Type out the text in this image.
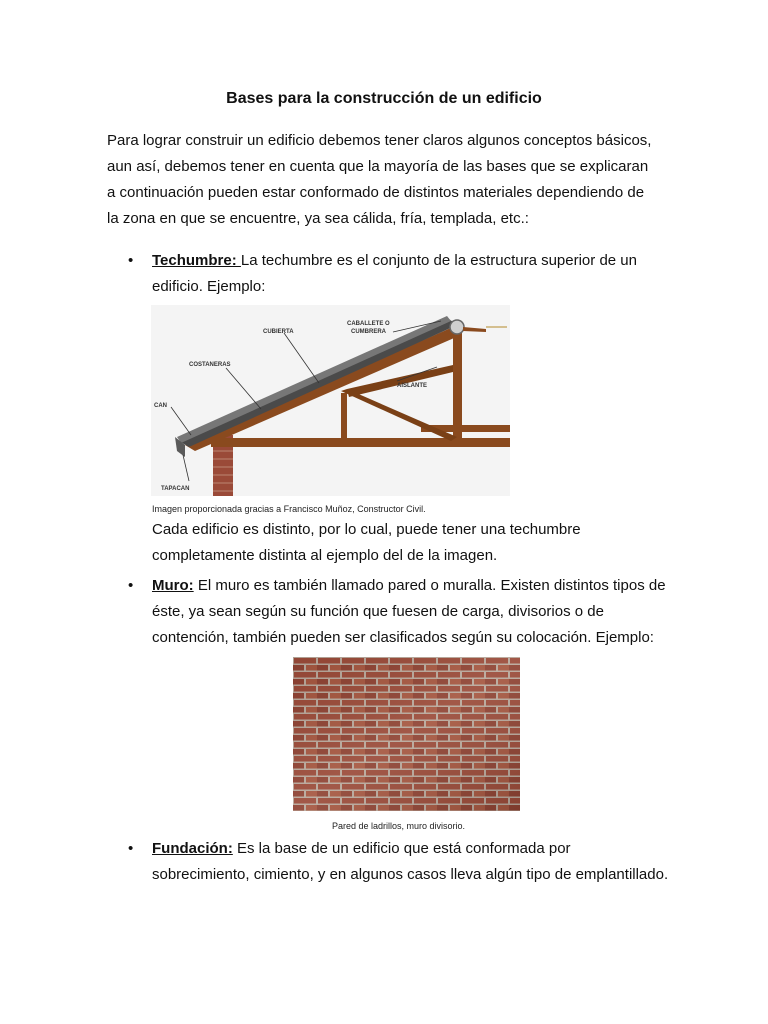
Bases para la construcción de un edificio

Para lograr construir un edificio debemos tener claros algunos conceptos básicos,

aun así, debemos tener en cuenta que la mayoría de las bases que se explicaran

a continuación pueden estar conformado de distintos materiales dependiendo de

la zona en que se encuentre, ya sea cálida, fría, templada, etc.:

• Techumbre: La techumbre es el conjunto de la estructura superior de un edificio. Ejemplo:
CABALLETE O
CUMBRERA
CUBIERTA
COSTANERAS
AISLANTE
CAN
TAPACAN
Imagen proporcionada gracias a Francisco Muñoz, Constructor Civil.
Cada edificio es distinto, por lo cual, puede tener una techumbre completamente distinta al ejemplo del de la imagen.
• Muro: El muro es también llamado pared o muralla. Existen distintos tipos de éste, ya sean según su función que fuesen de carga, divisorios o de contención, también pueden ser clasificados según su colocación. Ejemplo:
Pared de ladrillos, muro divisorio.
• Fundación: Es la base de un edificio que está conformada por sobrecimiento, cimiento, y en algunos casos lleva algún tipo de emplantillado.
